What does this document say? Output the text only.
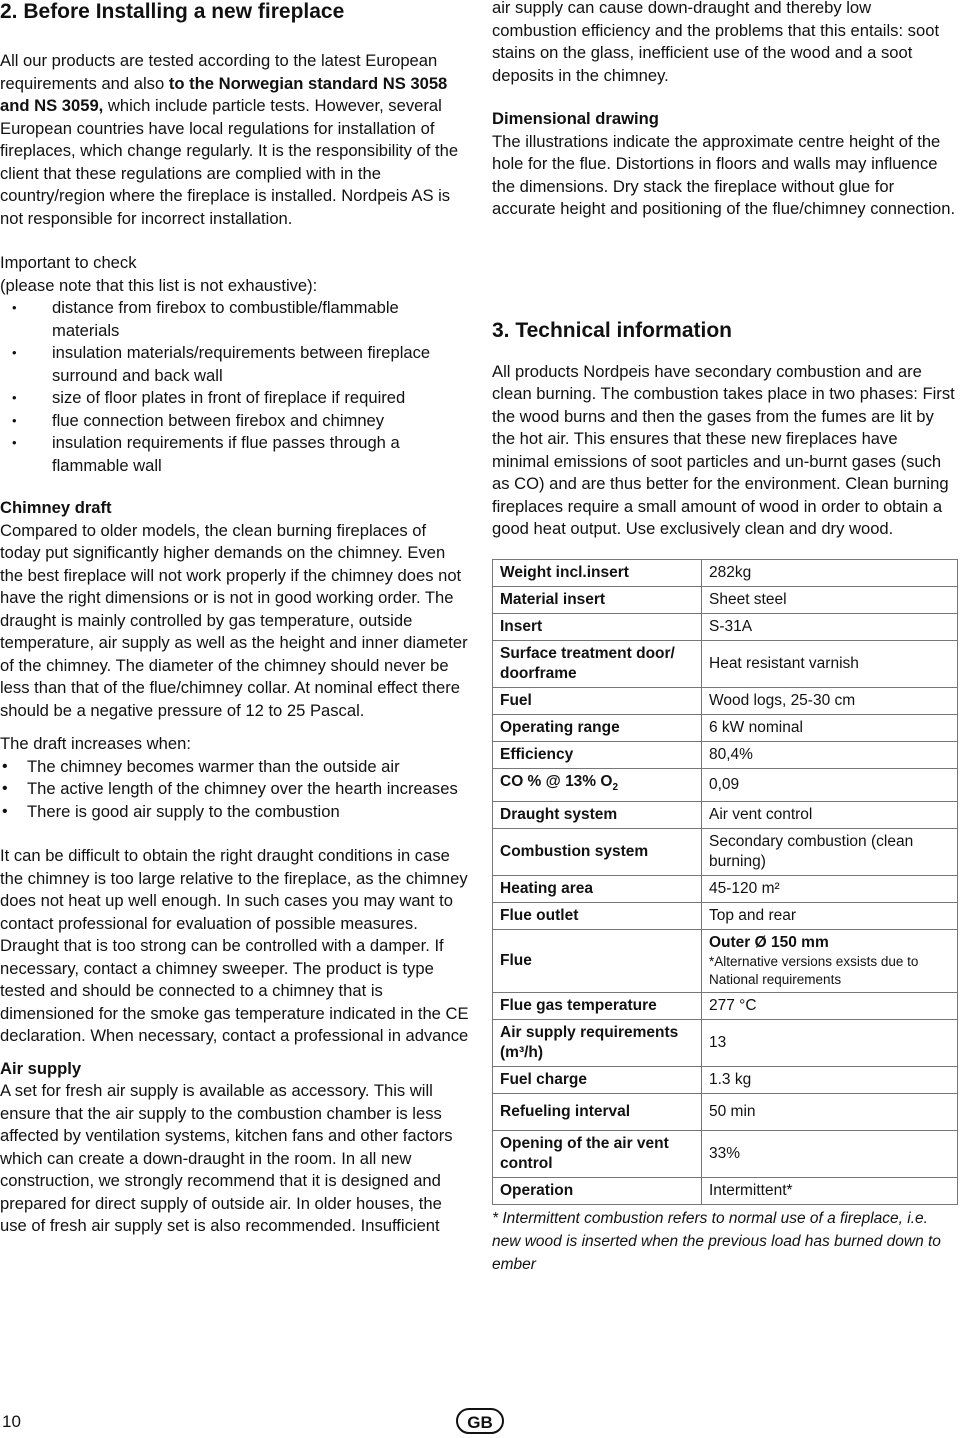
2. Before Installing a new fireplace

All our products are tested according to the latest European requirements and also to the Norwegian standard NS 3058 and NS 3059, which include particle tests. However, several European countries have local regulations for installation of fireplaces, which change regularly. It is the responsibility of the client that these regulations are complied with in the country/region where the fireplace is installed. Nordpeis AS is not responsible for incorrect installation.

Important to check

(please note that this list is not exhaustive):

• distance from firebox to combustible/flammable materials
• insulation materials/requirements between fireplace surround and back wall
• size of floor plates in front of fireplace if required
• flue connection between firebox and chimney
• insulation requirements if flue passes through a flammable wall

Chimney draft

Compared to older models, the clean burning fireplaces of today put significantly higher demands on the chimney. Even the best fireplace will not work properly if the chimney does not have the right dimensions or is not in good working order. The draught is mainly controlled by gas temperature, outside temperature, air supply as well as the height and inner diameter of the chimney. The diameter of the chimney should never be less than that of the flue/chimney collar. At nominal effect there should be a negative pressure of 12 to 25 Pascal.

The draft increases when:

• The chimney becomes warmer than the outside air
• The active length of the chimney over the hearth increases
• There is good air supply to the combustion

It can be difficult to obtain the right draught conditions in case the chimney is too large relative to the fireplace, as the chimney does not heat up well enough. In such cases you may want to contact professional for evaluation of possible measures. Draught that is too strong can be controlled with a damper. If necessary, contact a chimney sweeper. The product is type tested and should be connected to a chimney that is dimensioned for the smoke gas temperature indicated in the CE declaration. When necessary, contact a professional in advance

Air supply

A set for fresh air supply is available as accessory. This will ensure that the air supply to the combustion chamber is less affected by ventilation systems, kitchen fans and other factors which can create a down-draught in the room. In all new construction, we strongly recommend that it is designed and prepared for direct supply of outside air. In older houses, the use of fresh air supply set is also recommended. Insufficient

air supply can cause down-draught and thereby low combustion efficiency and the problems that this entails: soot stains on the glass, inefficient use of the wood and a soot deposits in the chimney.

Dimensional drawing

The illustrations indicate the approximate centre height of the hole for the flue. Distortions in floors and walls may influence the dimensions. Dry stack the fireplace without glue for accurate height and positioning of the flue/chimney connection.

3. Technical information

All products Nordpeis have secondary combustion and are clean burning. The combustion takes place in two phases: First the wood burns and then the gases from the fumes are lit by the hot air. This ensures that these new fireplaces have minimal emissions of soot particles and un-burnt gases (such as CO) and are thus better for the environment. Clean burning fireplaces require a small amount of wood in order to obtain a good heat output. Use exclusively clean and dry wood.

Weight incl.insert	282kg
Material insert	Sheet steel
Insert	S-31A
Surface treatment door/ doorframe	Heat resistant varnish
Fuel	Wood logs, 25-30 cm
Operating range	6 kW nominal
Efficiency	80,4%
CO % @ 13% $O_2$	0,09
Draught system	Air vent control
Combustion system	Secondary combustion (clean burning)
Heating area	45-120 m²
Flue outlet	Top and rear
Flue	Outer Ø 150 mm
*Alternative versions exsists due to National requirements

Flue gas temperature	277 °C
Air supply requirements (m³/h)	13
Fuel charge	1.3 kg
Refueling interval	50 min
Opening of the air vent control	33%
Operation	Intermittent*

* Intermittent combustion refers to normal use of a fireplace, i.e. new wood is inserted when the previous load has burned down to ember

10	GB
